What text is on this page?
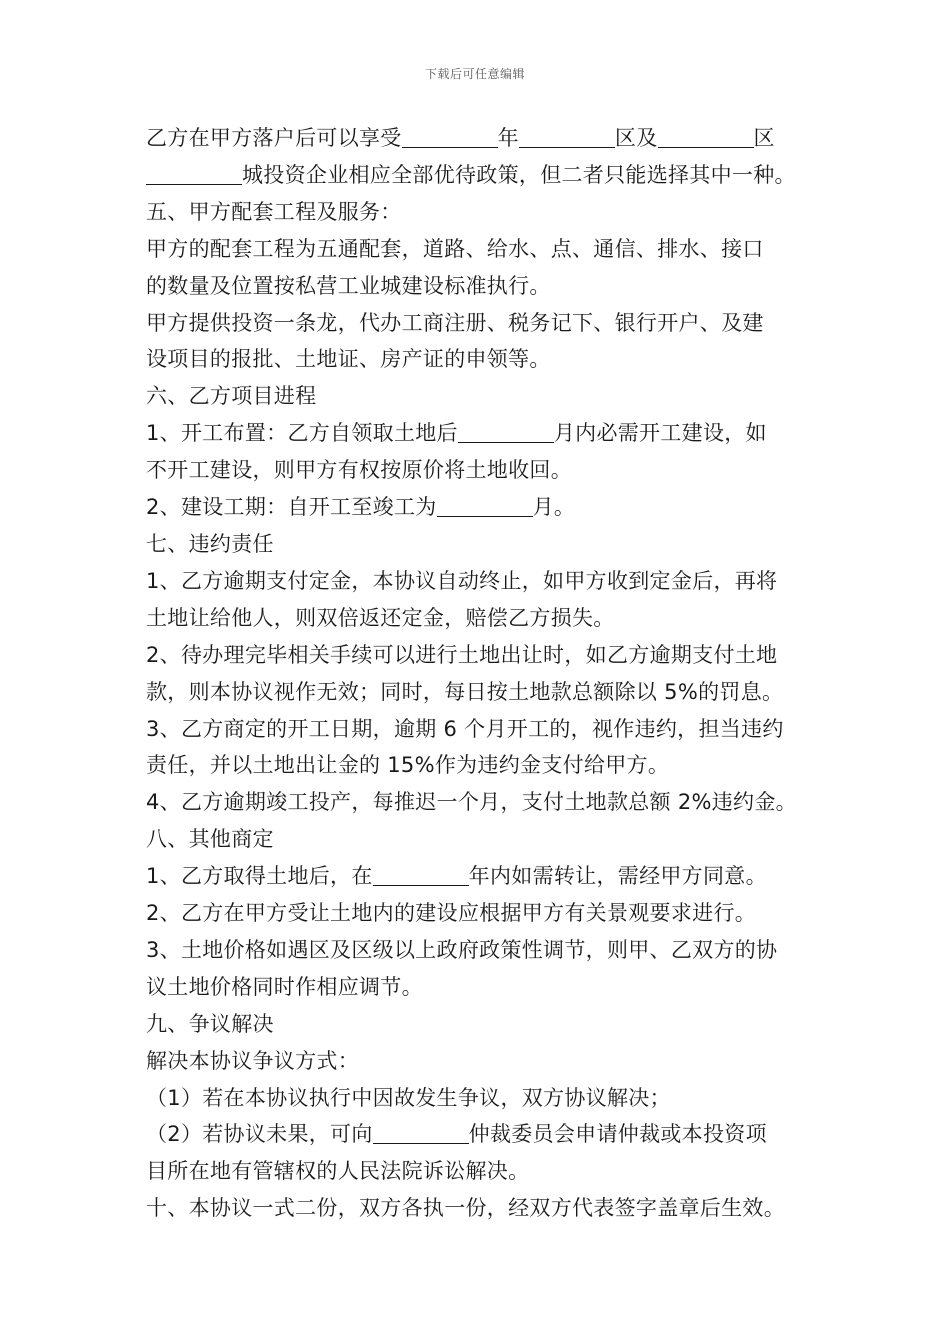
下载后可任意编辑
乙方在甲方落户后可以享受	年	区及	区
城投资企业相应全部优待政策，但二者只能选择其中一种。
五、甲方配套工程及服务：
甲方的配套工程为五通配套，道路、给水、点、通信、排水、接口
的数量及位置按私营工业城建设标准执行。
甲方提供投资一条龙，代办工商注册、税务记下、银行开户、及建
设项目的报批、土地证、房产证的申领等。
六、乙方项目进程
1、开工布置：乙方自领取土地后	月内必需开工建设，如
不开工建设，则甲方有权按原价将土地收回。
2、建设工期：自开工至竣工为	月。
七、违约责任
1、乙方逾期支付定金，本协议自动终止，如甲方收到定金后，再将
土地让给他人，则双倍返还定金，赔偿乙方损失。
2、待办理完毕相关手续可以进行土地出让时，如乙方逾期支付土地
款，则本协议视作无效；同时，每日按土地款总额除以 5%的罚息。
3、乙方商定的开工日期，逾期 6 个月开工的，视作违约，担当违约
责任，并以土地出让金的 15%作为违约金支付给甲方。
4、乙方逾期竣工投产，每推迟一个月，支付土地款总额 2%违约金。
八、其他商定
1、乙方取得土地后，在	年内如需转让，需经甲方同意。
2、乙方在甲方受让土地内的建设应根据甲方有关景观要求进行。
3、土地价格如遇区及区级以上政府政策性调节，则甲、乙双方的协
议土地价格同时作相应调节。
九、争议解决
解决本协议争议方式：
（1）若在本协议执行中因故发生争议，双方协议解决；
（2）若协议未果，可向	仲裁委员会申请仲裁或本投资项
目所在地有管辖权的人民法院诉讼解决。
十、本协议一式二份，双方各执一份，经双方代表签字盖章后生效。
